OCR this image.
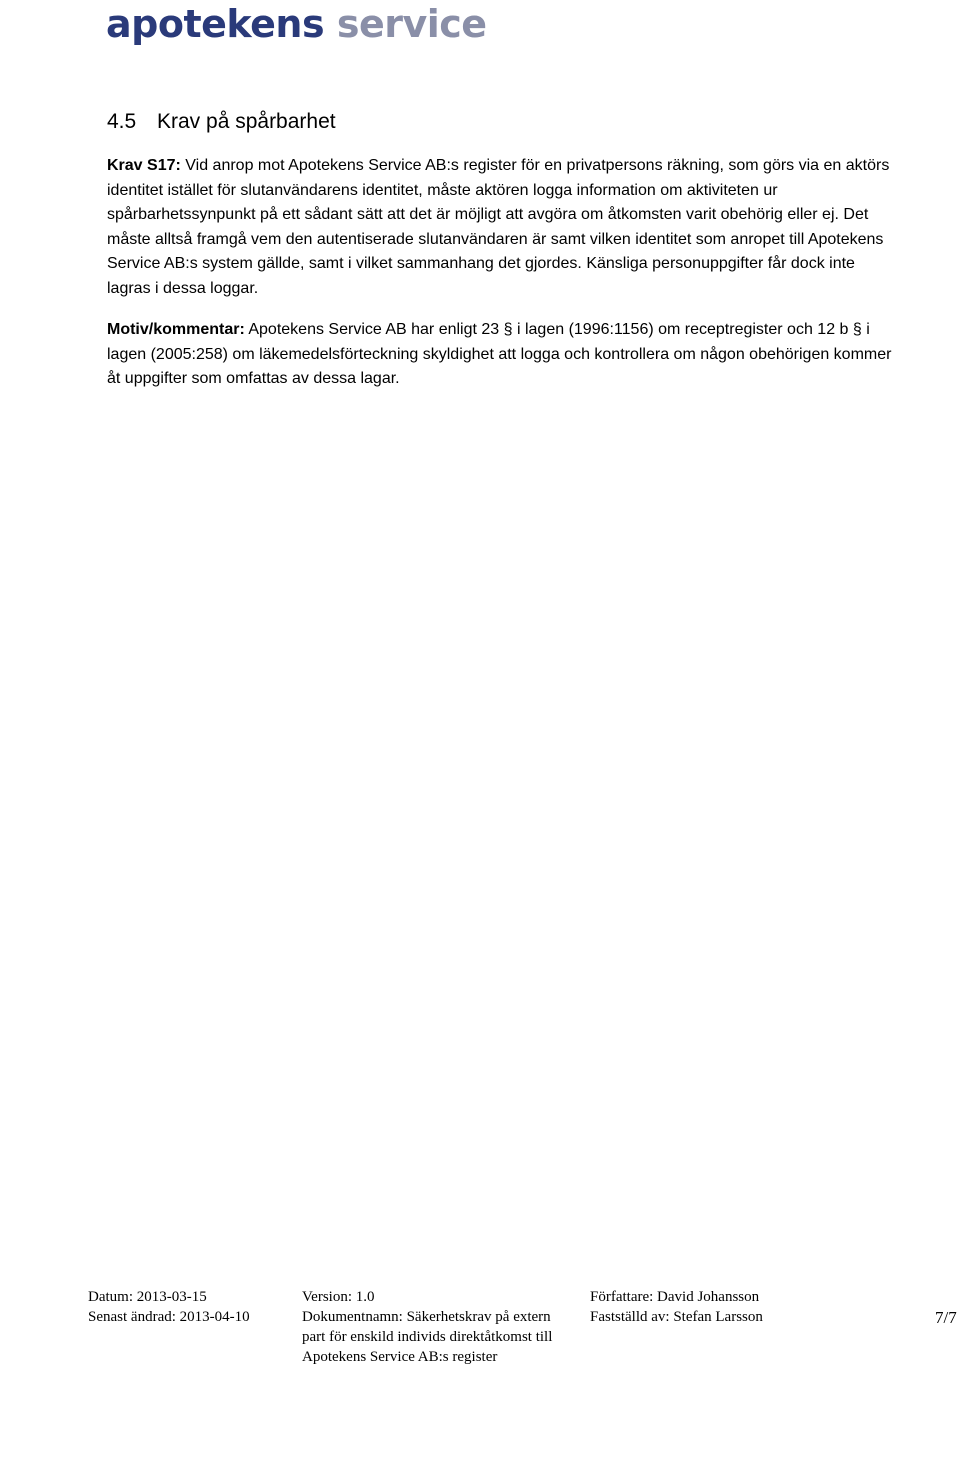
apotekens service
4.5 Krav på spårbarhet
Krav S17: Vid anrop mot Apotekens Service AB:s register för en privatpersons räkning, som görs via en aktörs identitet istället för slutanvändarens identitet, måste aktören logga information om aktiviteten ur spårbarhetssynpunkt på ett sådant sätt att det är möjligt att avgöra om åtkomsten varit obehörig eller ej. Det måste alltså framgå vem den autentiserade slutanvändaren är samt vilken identitet som anropet till Apotekens Service AB:s system gällde, samt i vilket sammanhang det gjordes. Känsliga personuppgifter får dock inte lagras i dessa loggar.
Motiv/kommentar: Apotekens Service AB har enligt 23 § i lagen (1996:1156) om receptregister och 12 b § i lagen (2005:258) om läkemedelsförteckning skyldighet att logga och kontrollera om någon obehörigen kommer åt uppgifter som omfattas av dessa lagar.
Datum: 2013-03-15
Senast ändrad: 2013-04-10
Version: 1.0
Dokumentnamn: Säkerhetskrav på extern
part för enskild individs direktåtkomst till
Apotekens Service AB:s register
Författare: David Johansson
Fastställd av: Stefan Larsson	7/7
